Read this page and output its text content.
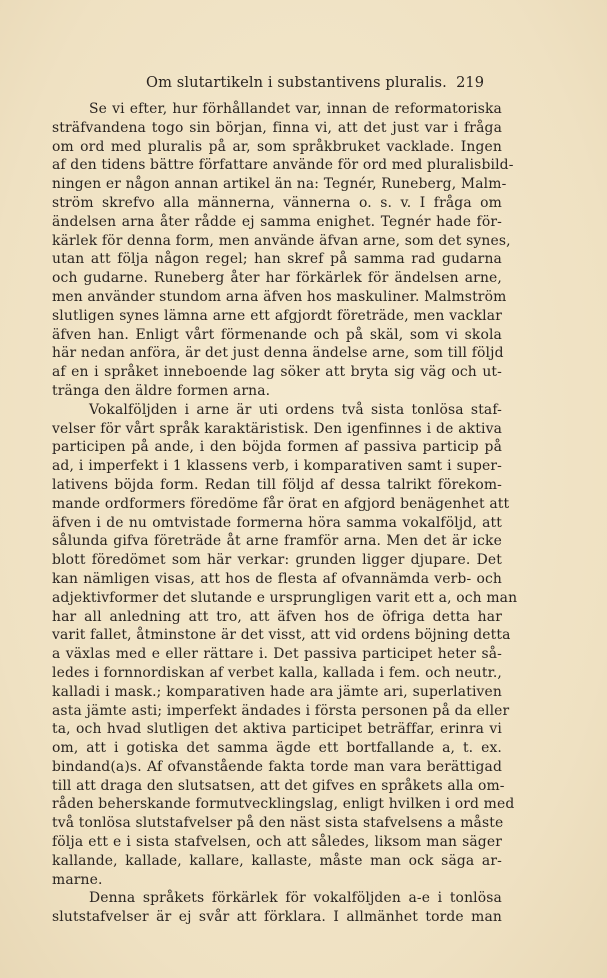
Om slutartikeln i substantivens pluralis. 219
Se vi efter, hur förhållandet var, innan de reformatoriska
sträfvandena togo sin början, finna vi, att det just var i fråga
om ord med pluralis på ar, som språkbruket vacklade. Ingen
af den tidens bättre författare använde för ord med pluralisbild-
ningen er någon annan artikel än na: Tegnér, Runeberg, Malm-
ström skrefvo alla männerna, vännerna o. s. v. I fråga om
ändelsen arna åter rådde ej samma enighet. Tegnér hade för-
kärlek för denna form, men använde äfvan arne, som det synes,
utan att följa någon regel; han skref på samma rad gudarna
och gudarne. Runeberg åter har förkärlek för ändelsen arne,
men använder stundom arna äfven hos maskuliner. Malmström
slutligen synes lämna arne ett afgjordt företräde, men vacklar
äfven han. Enligt vårt förmenande och på skäl, som vi skola
här nedan anföra, är det just denna ändelse arne, som till följd
af en i språket inneboende lag söker att bryta sig väg och ut-
tränga den äldre formen arna.
Vokalföljden i arne är uti ordens två sista tonlösa staf-
velser för vårt språk karaktäristisk. Den igenfinnes i de aktiva
participen på ande, i den böjda formen af passiva particip på
ad, i imperfekt i 1 klassens verb, i komparativen samt i super-
lativens böjda form. Redan till följd af dessa talrikt förekom-
mande ordformers föredöme får örat en afgjord benägenhet att
äfven i de nu omtvistade formerna höra samma vokalföljd, att
sålunda gifva företräde åt arne framför arna. Men det är icke
blott föredömet som här verkar: grunden ligger djupare. Det
kan nämligen visas, att hos de flesta af ofvannämda verb- och
adjektivformer det slutande e ursprungligen varit ett a, och man
har all anledning att tro, att äfven hos de öfriga detta har
varit fallet, åtminstone är det visst, att vid ordens böjning detta
a växlas med e eller rättare i. Det passiva participet heter så-
ledes i fornnordiskan af verbet kalla, kallada i fem. och neutr.,
kalladi i mask.; komparativen hade ara jämte ari, superlativen
asta jämte asti; imperfekt ändades i första personen på da eller
ta, och hvad slutligen det aktiva participet beträffar, erinra vi
om, att i gotiska det samma ägde ett bortfallande a, t. ex.
bindand(a)s. Af ofvanstående fakta torde man vara berättigad
till att draga den slutsatsen, att det gifves en språkets alla om-
råden beherskande formutvecklingslag, enligt hvilken i ord med
två tonlösa slutstafvelser på den näst sista stafvelsens a måste
följa ett e i sista stafvelsen, och att således, liksom man säger
kallande, kallade, kallare, kallaste, måste man ock säga ar-
marne.
Denna språkets förkärlek för vokalföljden a-e i tonlösa
slutstafvelser är ej svår att förklara. I allmänhet torde man
